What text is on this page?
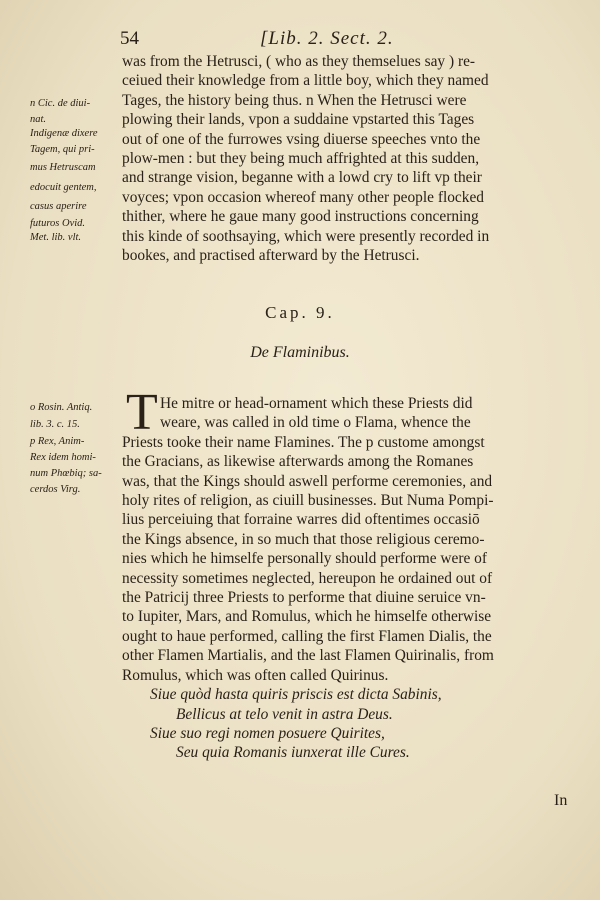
54	[Lib. 2. Sect. 2.
was from the Hetrusci, ( who as they themselues say ) re-
ceiued their knowledge from a little boy, which they named
Tages, the history being thus. n When the Hetrusci were
plowing their lands, vpon a suddaine vpstarted this Tages
out of one of the furrowes vsing diuerse speeches vnto the
plow-men : but they being much affrighted at this sudden,
and strange vision, beganne with a lowd cry to lift vp their
voyces; vpon occasion whereof many other people flocked
thither, where he gaue many good instructions concerning
this kinde of soothsaying, which were presently recorded in
bookes, and practised afterward by the Hetrusci.
n Cic. de diui-
nat.
Indigenæ dixere
Tagem, qui pri-
mus Hetruscam
edocuit gentem,
casus aperire
futuros Ovid.
Met. lib. vlt.
Cap. 9.
De Flaminibus.
T He mitre or head-ornament which these Priests did
weare, was called in old time o Flama, whence the
Priests tooke their name Flamines. The p custome amongst
the Gracians, as likewise afterwards among the Romanes
was, that the Kings should aswell performe ceremonies, and
holy rites of religion, as ciuill businesses. But Numa Pompi-
lius perceiuing that forraine warres did oftentimes occasiō
the Kings absence, in so much that those religious ceremo-
nies which he himselfe personally should performe were of
necessity sometimes neglected, hereupon he ordained out of
the Patricij three Priests to performe that diuine seruice vn-
to Iupiter, Mars, and Romulus, which he himselfe otherwise
ought to haue performed, calling the first Flamen Dialis, the
other Flamen Martialis, and the last Flamen Quirinalis, from
Romulus, which was often called Quirinus.
Siue quòd hasta quiris priscis est dicta Sabinis,
Bellicus at telo venit in astra Deus.
Siue suo regi nomen posuere Quirites,
Seu quia Romanis iunxerat ille Cures.
o Rosin. Antiq.
lib. 3. c. 15.
p Rex, Anim-
Rex idem homi-
num Phœbiq; sa-
cerdos Virg.
In
